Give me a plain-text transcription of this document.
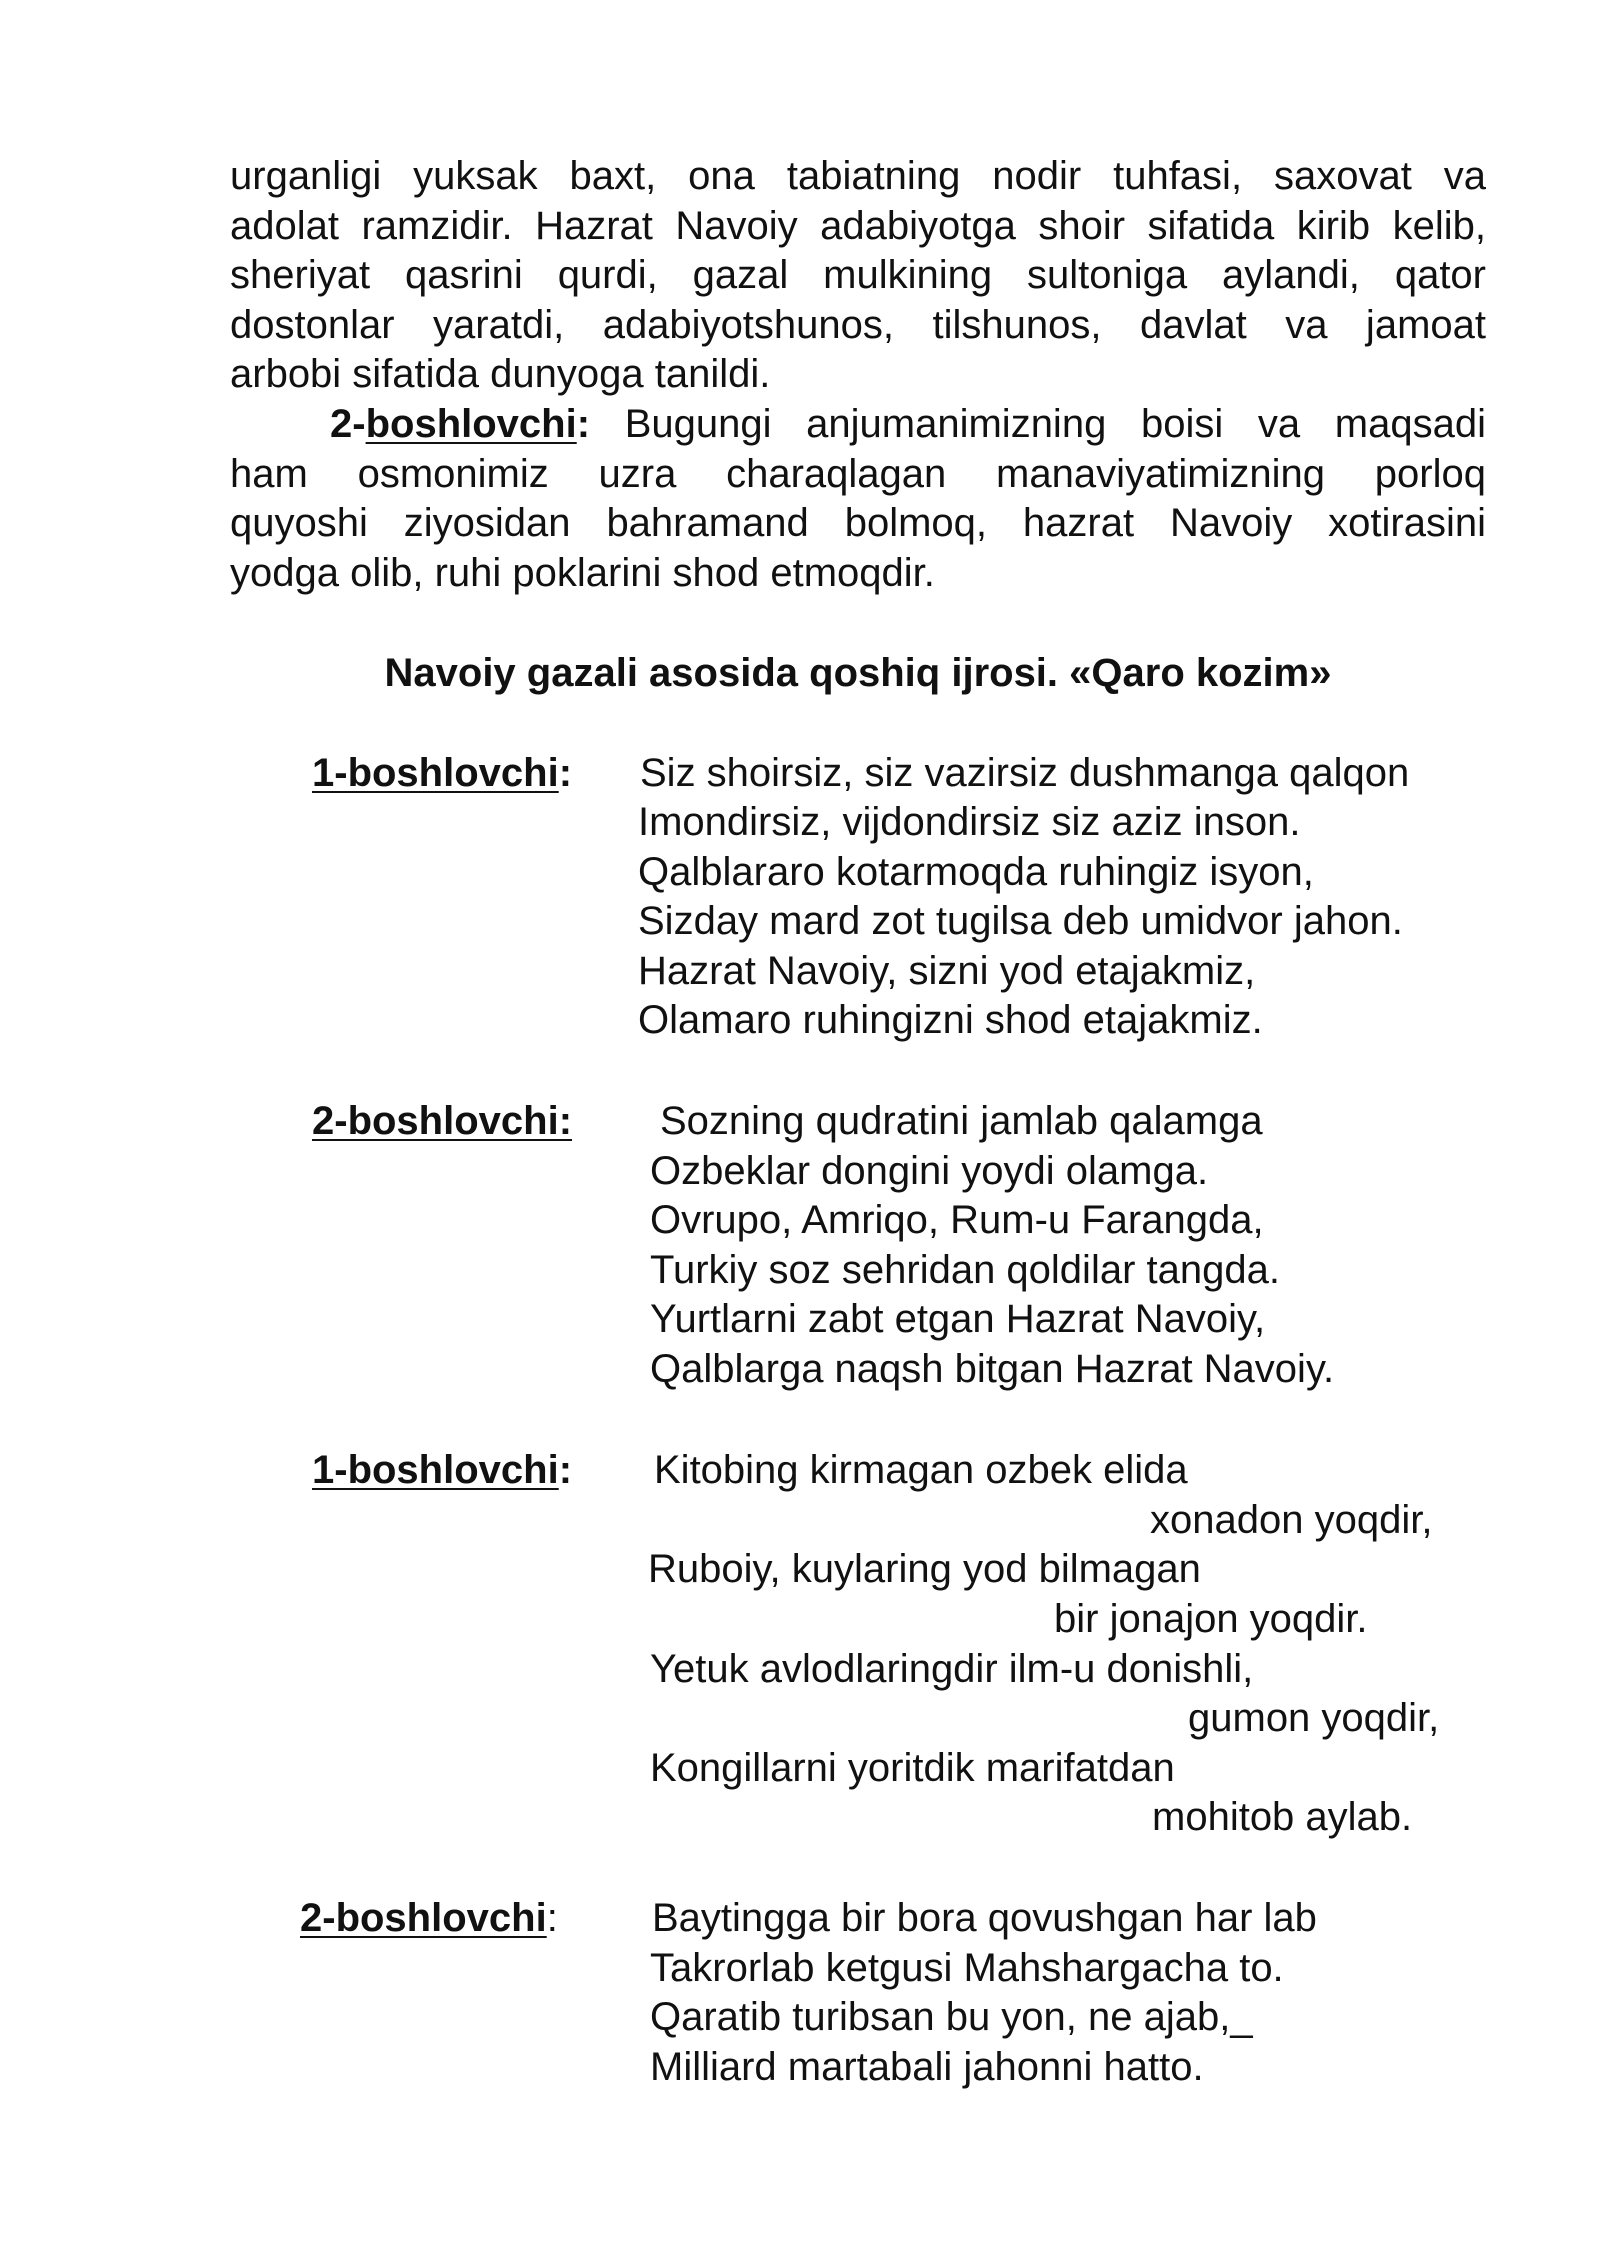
urganligi yuksak baxt, ona tabiatning nodir tuhfasi, saxovat va
adolat ramzidir. Hazrat Navoiy adabiyotga shoir sifatida kirib kelib,
sheriyat qasrini qurdi, gazal mulkining sultoniga aylandi, qator
dostonlar yaratdi, adabiyotshunos, tilshunos, davlat va jamoat
arbobi sifatida dunyoga tanildi.
2-boshlovchi: Bugungi anjumanimizning boisi va maqsadi
ham osmonimiz uzra charaqlagan manaviyatimizning porloq
quyoshi ziyosidan bahramand bolmoq, hazrat Navoiy xotirasini
yodga olib, ruhi poklarini shod etmoqdir.
Navoiy gazali asosida qoshiq ijrosi. «Qaro kozim»
1-boshlovchi: Siz shoirsiz, siz vazirsiz dushmanga qalqon
Imondirsiz, vijdondirsiz siz aziz inson.
Qalblararo kotarmoqda ruhingiz isyon,
Sizday mard zot tugilsa deb umidvor jahon.
Hazrat Navoiy, sizni yod etajakmiz,
Olamaro ruhingizni shod etajakmiz.
2-boshlovchi: Sozning qudratini jamlab qalamga
Ozbeklar dongini yoydi olamga.
Ovrupo, Amriqo, Rum-u Farangda,
Turkiy soz sehridan qoldilar tangda.
Yurtlarni zabt etgan Hazrat Navoiy,
Qalblarga naqsh bitgan Hazrat Navoiy.
1-boshlovchi: Kitobing kirmagan ozbek elida
xonadon yoqdir,
Ruboiy, kuylaring yod bilmagan
bir jonajon yoqdir.
Yetuk avlodlaringdir ilm-u donishli,
gumon yoqdir,
Kongillarni yoritdik marifatdan
mohitob aylab.
2-boshlovchi: Baytingga bir bora qovushgan har lab
Takrorlab ketgusi Mahshargacha to.
Qaratib turibsan bu yon, ne ajab,_
Milliard martabali jahonni hatto.
